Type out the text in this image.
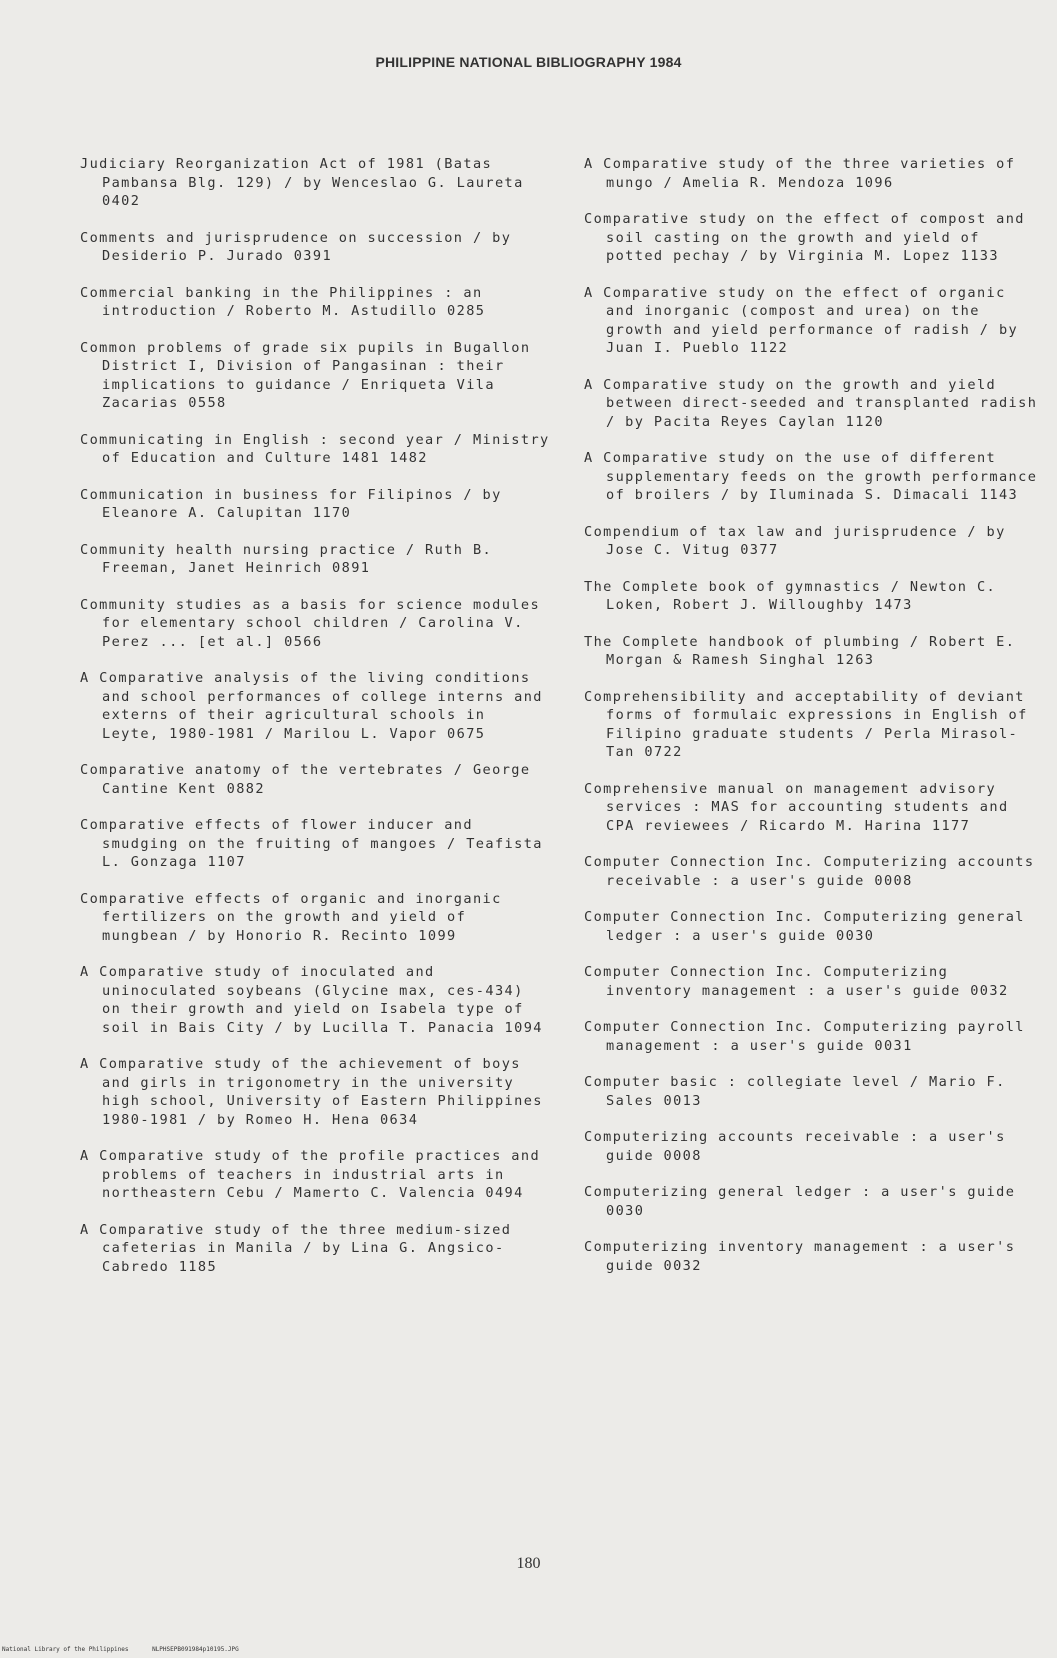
PHILIPPINE NATIONAL BIBLIOGRAPHY 1984
Judiciary Reorganization Act of 1981 (Batas Pambansa Blg. 129) / by Wenceslao G. Laureta 0402
Comments and jurisprudence on succession / by Desiderio P. Jurado 0391
Commercial banking in the Philippines : an introduction / Roberto M. Astudillo 0285
Common problems of grade six pupils in Bugallon District I, Division of Pangasinan : their implications to guidance / Enriqueta Vila Zacarias 0558
Communicating in English : second year / Ministry of Education and Culture 1481 1482
Communication in business for Filipinos / by Eleanore A. Calupitan 1170
Community health nursing practice / Ruth B. Freeman, Janet Heinrich 0891
Community studies as a basis for science modules for elementary school children / Carolina V. Perez ... [et al.] 0566
A Comparative analysis of the living conditions and school performances of college interns and externs of their agricultural schools in Leyte, 1980-1981 / Marilou L. Vapor 0675
Comparative anatomy of the vertebrates / George Cantine Kent 0882
Comparative effects of flower inducer and smudging on the fruiting of mangoes / Teafista L. Gonzaga 1107
Comparative effects of organic and inorganic fertilizers on the growth and yield of mungbean / by Honorio R. Recinto 1099
A Comparative study of inoculated and uninoculated soybeans (Glycine max, ces-434) on their growth and yield on Isabela type of soil in Bais City / by Lucilla T. Panacia 1094
A Comparative study of the achievement of boys and girls in trigonometry in the university high school, University of Eastern Philippines 1980-1981 / by Romeo H. Hena 0634
A Comparative study of the profile practices and problems of teachers in industrial arts in northeastern Cebu / Mamerto C. Valencia 0494
A Comparative study of the three medium-sized cafeterias in Manila / by Lina G. Angsico-Cabredo 1185
A Comparative study of the three varieties of mungo / Amelia R. Mendoza 1096
Comparative study on the effect of compost and soil casting on the growth and yield of potted pechay / by Virginia M. Lopez 1133
A Comparative study on the effect of organic and inorganic (compost and urea) on the growth and yield performance of radish / by Juan I. Pueblo 1122
A Comparative study on the growth and yield between direct-seeded and transplanted radish / by Pacita Reyes Caylan 1120
A Comparative study on the use of different supplementary feeds on the growth performance of broilers / by Iluminada S. Dimacali 1143
Compendium of tax law and jurisprudence / by Jose C. Vitug 0377
The Complete book of gymnastics / Newton C. Loken, Robert J. Willoughby 1473
The Complete handbook of plumbing / Robert E. Morgan & Ramesh Singhal 1263
Comprehensibility and acceptability of deviant forms of formulaic expressions in English of Filipino graduate students / Perla Mirasol-Tan 0722
Comprehensive manual on management advisory services : MAS for accounting students and CPA reviewees / Ricardo M. Harina 1177
Computer Connection Inc. Computerizing accounts receivable : a user's guide 0008
Computer Connection Inc. Computerizing general ledger : a user's guide 0030
Computer Connection Inc. Computerizing inventory management : a user's guide 0032
Computer Connection Inc. Computerizing payroll management : a user's guide 0031
Computer basic : collegiate level / Mario F. Sales 0013
Computerizing accounts receivable : a user's guide 0008
Computerizing general ledger : a user's guide 0030
Computerizing inventory management : a user's guide 0032
180
National Library of the Philippines	NLPHSEPB091984p10195.JPG
